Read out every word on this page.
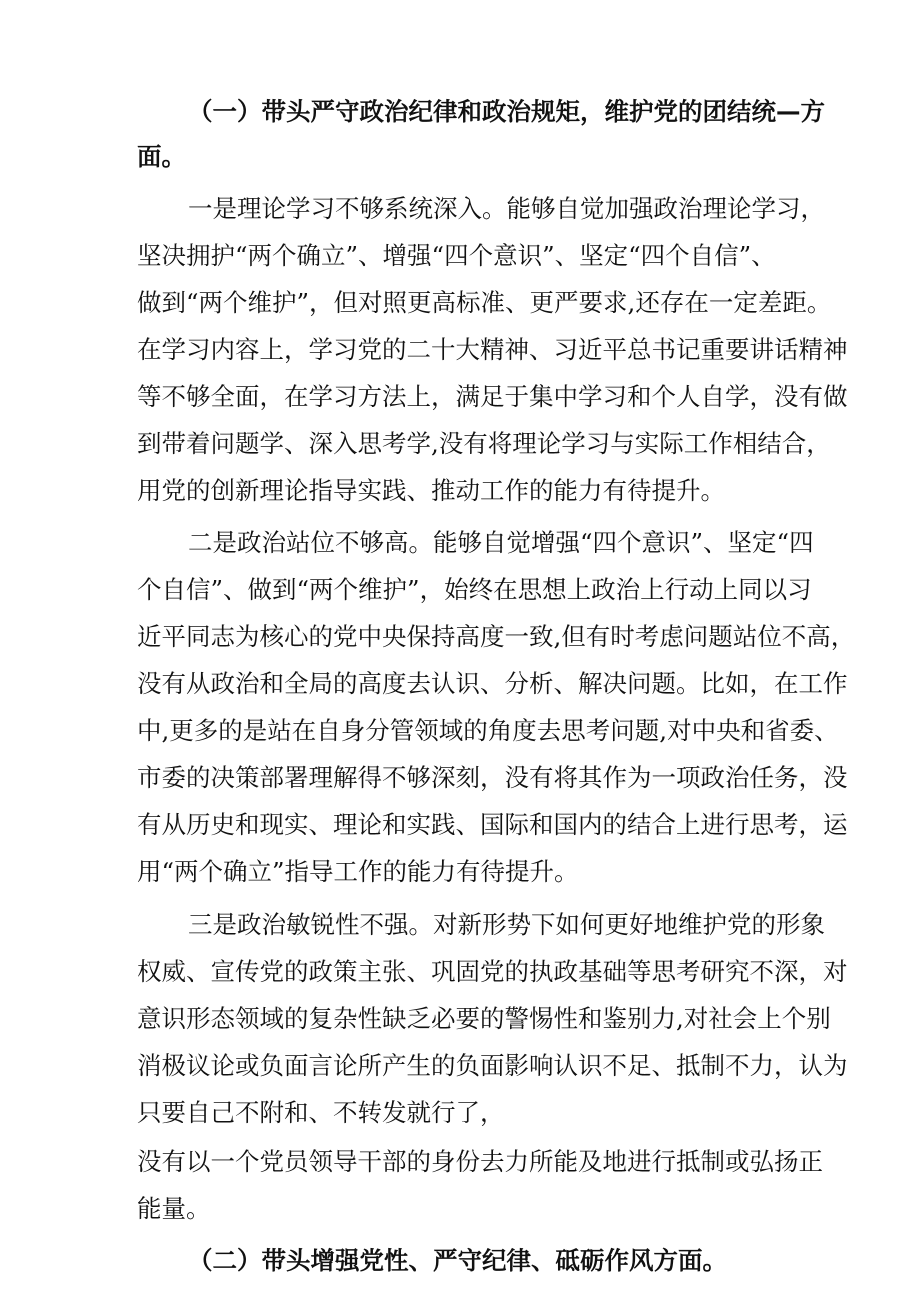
（一）带头严守政治纪律和政治规矩，维护党的团结统—方
面。
一是理论学习不够系统深入。能够自觉加强政治理论学习，
坚决拥护“两个确立”、增强“四个意识”、坚定“四个自信”、
做到“两个维护”，但对照更高标准、更严要求,还存在一定差距。
在学习内容上，学习党的二十大精神、习近平总书记重要讲话精神
等不够全面，在学习方法上，满足于集中学习和个人自学，没有做
到带着问题学、深入思考学,没有将理论学习与实际工作相结合，
用党的创新理论指导实践、推动工作的能力有待提升。
二是政治站位不够高。能够自觉增强“四个意识”、坚定“四
个自信”、做到“两个维护”，始终在思想上政治上行动上同以习
近平同志为核心的党中央保持高度一致,但有时考虑问题站位不高，
没有从政治和全局的高度去认识、分析、解决问题。比如，在工作
中,更多的是站在自身分管领域的角度去思考问题,对中央和省委、
市委的决策部署理解得不够深刻，没有将其作为一项政治任务，没
有从历史和现实、理论和实践、国际和国内的结合上进行思考，运
用“两个确立”指导工作的能力有待提升。
三是政治敏锐性不强。对新形势下如何更好地维护党的形象
权威、宣传党的政策主张、巩固党的执政基础等思考研究不深，对
意识形态领域的复杂性缺乏必要的警惕性和鉴别力,对社会上个别
消极议论或负面言论所产生的负面影响认识不足、抵制不力，认为
只要自己不附和、不转发就行了，
没有以一个党员领导干部的身份去力所能及地进行抵制或弘扬正
能量。
（二）带头增强党性、严守纪律、砥砺作风方面。
